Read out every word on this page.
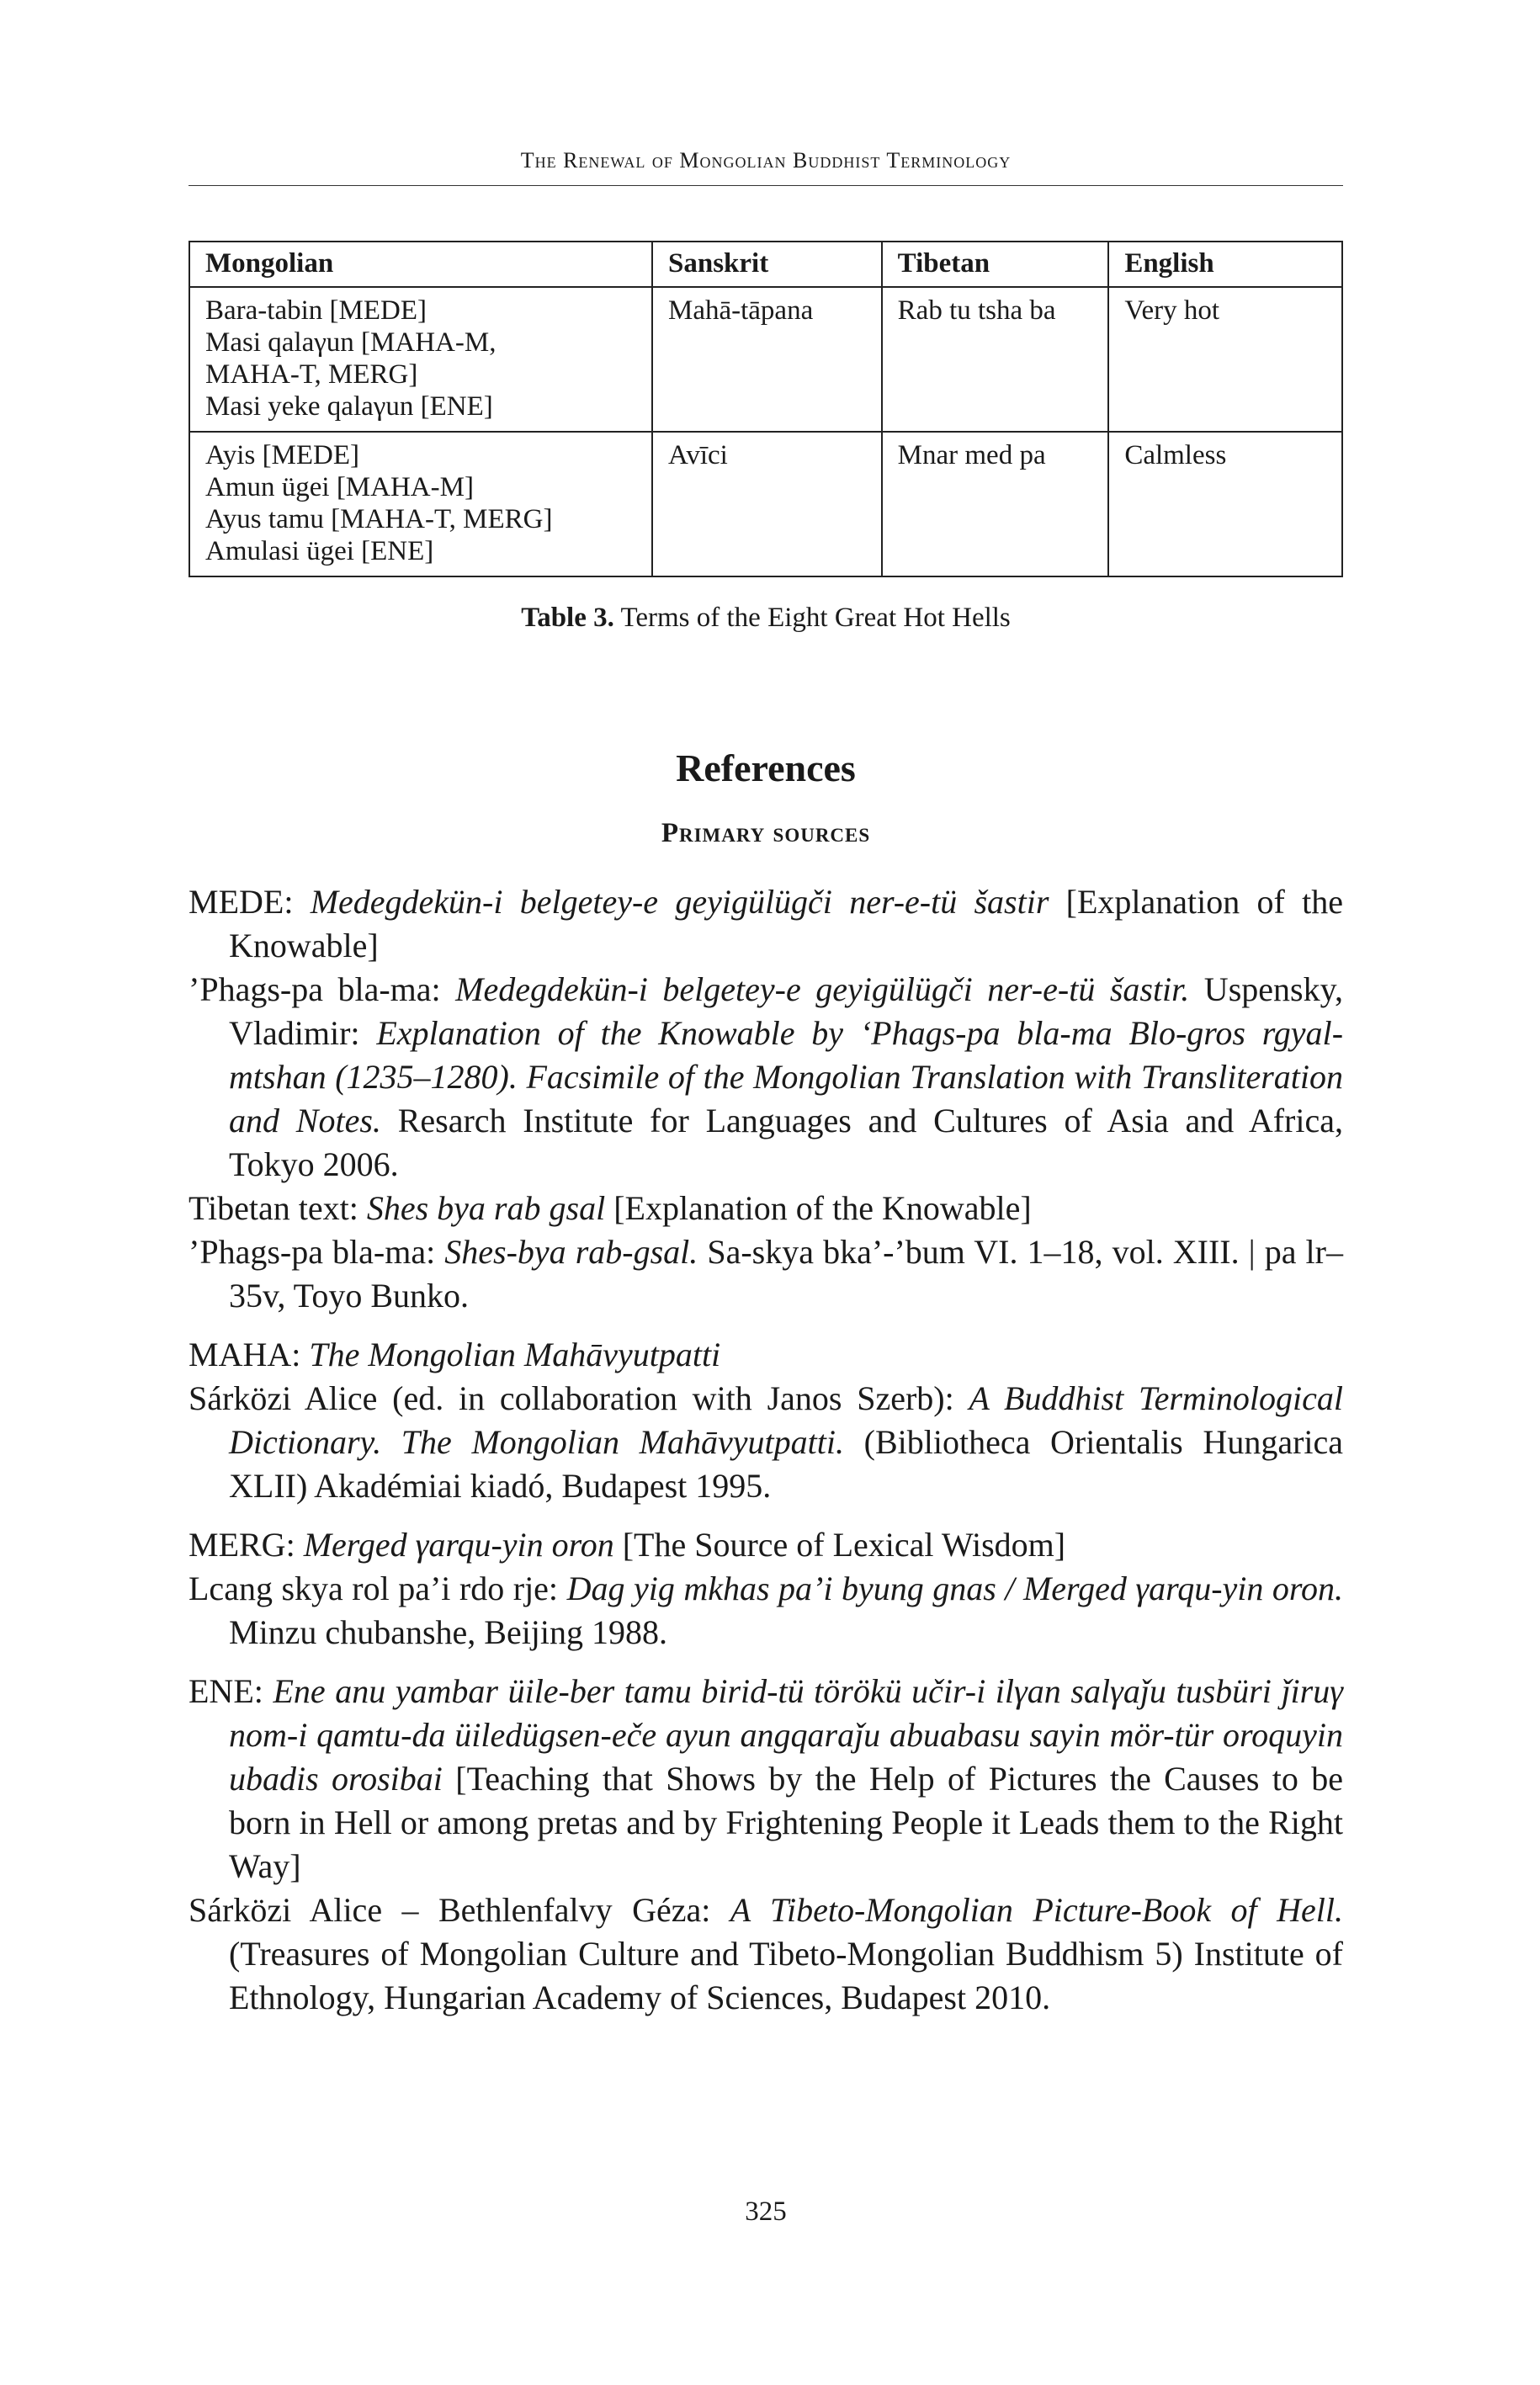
The Renewal of Mongolian Buddhist Terminology
Mongolian	Sanskrit	Tibetan	English

Bara-tabin [MEDE]
Masi qalaγun [MAHA-M,
MAHA-T, MERG]
Masi yeke qalaγun [ENE]	Mahā-tāpana	Rab tu tsha ba	Very hot

Ayis [MEDE]
Amun ügei [MAHA-M]
Ayus tamu [MAHA-T, MERG]
Amulasi ügei [ENE]	Avīci	Mnar med pa	Calmless
Table 3. Terms of the Eight Great Hot Hells
References
Primary sources

MEDE: Medegdekün-i belgetey-e geyigülügči ner-e-tü šastir [Explanation of the Knowable]

’Phags-pa bla-ma: Medegdekün-i belgetey-e geyigülügči ner-e-tü šastir. Uspensky, Vladimir: Explanation of the Knowable by ‘Phags-pa bla-ma Blo-gros rgyalmtshan (1235–1280). Facsimile of the Mongolian Translation with Transliteration and Notes. Resarch Institute for Languages and Cultures of Asia and Africa, Tokyo 2006.

Tibetan text: Shes bya rab gsal [Explanation of the Knowable]

’Phags-pa bla-ma: Shes-bya rab-gsal. Sa-skya bka’-’bum VI. 1–18, vol. XIII. | pa lr–35v, Toyo Bunko.

MAHA: The Mongolian Mahāvyutpatti

Sárközi Alice (ed. in collaboration with Janos Szerb): A Buddhist Terminological Dictionary. The Mongolian Mahāvyutpatti. (Bibliotheca Orientalis Hungarica XLII) Akadémiai kiadó, Budapest 1995.

MERG: Merged γarqu-yin oron [The Source of Lexical Wisdom]

Lcang skya rol pa’i rdo rje: Dag yig mkhas pa’i byung gnas / Merged γarqu-yin oron. Minzu chubanshe, Beijing 1988.

ENE: Ene anu yambar üile-ber tamu birid-tü törökü učir-i ilγan salγaǰu tusbüri ǰiruγ nom-i qamtu-da üiledügsen-eče ayun angqaraǰu abuabasu sayin mör-tür oroquyin ubadis orosibai [Teaching that Shows by the Help of Pictures the Causes to be born in Hell or among pretas and by Frightening People it Leads them to the Right Way]

Sárközi Alice – Bethlenfalvy Géza: A Tibeto-Mongolian Picture-Book of Hell. (Treasures of Mongolian Culture and Tibeto-Mongolian Buddhism 5) Institute of Ethnology, Hungarian Academy of Sciences, Budapest 2010.

325
